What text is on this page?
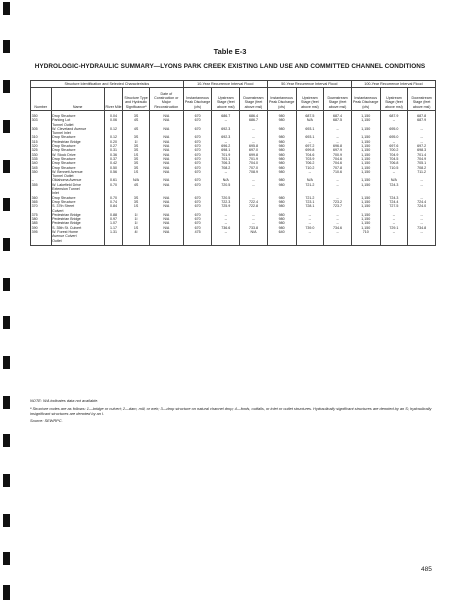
Table E-3
HYDROLOGIC-HYDRAULIC SUMMARY—LYONS PARK CREEK EXISTING LAND USE AND COMMITTED CHANNEL CONDITIONS
Structure Identification and Selected Characteristics					10-Year Recurrence Interval Flood			50-Year Recurrence Interval Flood			100-Year Recurrence Interval Flood		
Number	Name	River Mile	Structure Type and Hydraulic Significanceᵃ	Date of Construction or Major Reconstruction	Instantaneous Peak Discharge (cfs)	Upstream Stage (feet above msl)	Downstream Stage (feet above msl)	Instantaneous Peak Discharge (cfs)	Upstream Stage (feet above msl)	Downstream Stage (feet above msl)	Instantaneous Peak Discharge (cfs)	Upstream Stage (feet above msl)	Downstream Stage (feet above msl)
350	Drop Structure	0.04	3S	N/A	670	686.7	686.4	980	687.5	687.4	1,150	687.9	687.8
303	Parking Lot	0.06	4S	N/A	670	--	686.7	980	N/A	687.5	1,150	--	687.9
	Tunnel Outlet												
305	W. Cleveland Avenue	0.12	4S	N/A	670	692.3	--	980	693.1	--	1,150	695.0	--
	Tunnel Inlet												
310	Drop Structure	0.12	3S	N/A	670	692.3	--	980	693.1	--	1,150	695.0	--
315	Pedestrian Bridge	0.20	1I	N/A	670	--	--	980	--	--	1,150	--	--
320	Drop Structure	0.27	3S	N/A	670	696.2	695.8	980	697.2	696.8	1,150	697.6	697.2
325	Drop Structure	0.31	3S	N/A	670	698.1	697.0	980	699.8	697.9	1,150	700.2	698.3
330	W. Stock Drive	0.36	1S	N/A	670	701.9	699.8	980	704.6	700.9	1,150	704.9	701.4
335	Drop Structure	0.37	3S	N/A	670	703.1	701.9	980	703.9	704.6	1,150	704.5	704.9
340	Drop Structure	0.42	3S	N/A	670	706.3	704.0	980	706.2	704.6	1,150	706.8	705.1
345	Drop Structure	0.50	3S	N/A	670	708.2	707.0	980	710.2	707.8	1,150	710.5	708.2
350	W. Bennett Avenue	0.56	1S	N/A	670	--	708.9	980	--	710.6	1,150	--	711.2
	Tunnel Outlet												
--	Oklahoma Avenue	0.61	N/A	N/A	670	N/A	--	980	N/A	--	1,150	N/A	--
355	W. Lakefield Drive	0.70	4S	N/A	670	720.5	--	980	721.2	--	1,150	724.3	--
	Extension Tunnel												
	Inlet												
360	Drop Structure	0.70	3S	N/A	670	720.5	--	980	721.2	--	1,150	724.3	--
365	Drop Structure	0.74	3S	N/A	670	722.3	722.4	980	723.1	723.2	1,150	724.4	724.4
370	S. 37th Street	0.84	1S	N/A	670	725.9	722.8	980	728.1	723.7	1,150	727.5	724.0
	Culvert												
375	Pedestrian Bridge	0.88	1I	N/A	670	--	--	980	--	--	1,150	--	--
380	Pedestrian Bridge	0.97	1I	N/A	670	--	--	980	--	--	1,150	--	--
385	Pedestrian Bridge	1.07	1I	N/A	670	--	--	980	--	--	1,150	--	--
390	S. 35th St. Culvert	1.17	1S	N/A	670	736.6	733.8	980	739.0	734.6	1,150	729.1	734.8
395	W. Forest Home	1.31	4I	N/A	475	--	N/A	640	--	--	710	--	--
	Avenue Culvert												
	Outlet												

NOTE: N/A indicates data not available.

ᵃ Structure codes are as follows: 1—bridge or culvert; 2—dam, mill, or weir; 3—drop structure on natural channel drop; 4—fords, outfalls, or inlet or outlet structures. Hydraulically significant structures are denoted by an S; hydraulically insignificant structures are denoted by an I.

Source: SEWRPC.

485
